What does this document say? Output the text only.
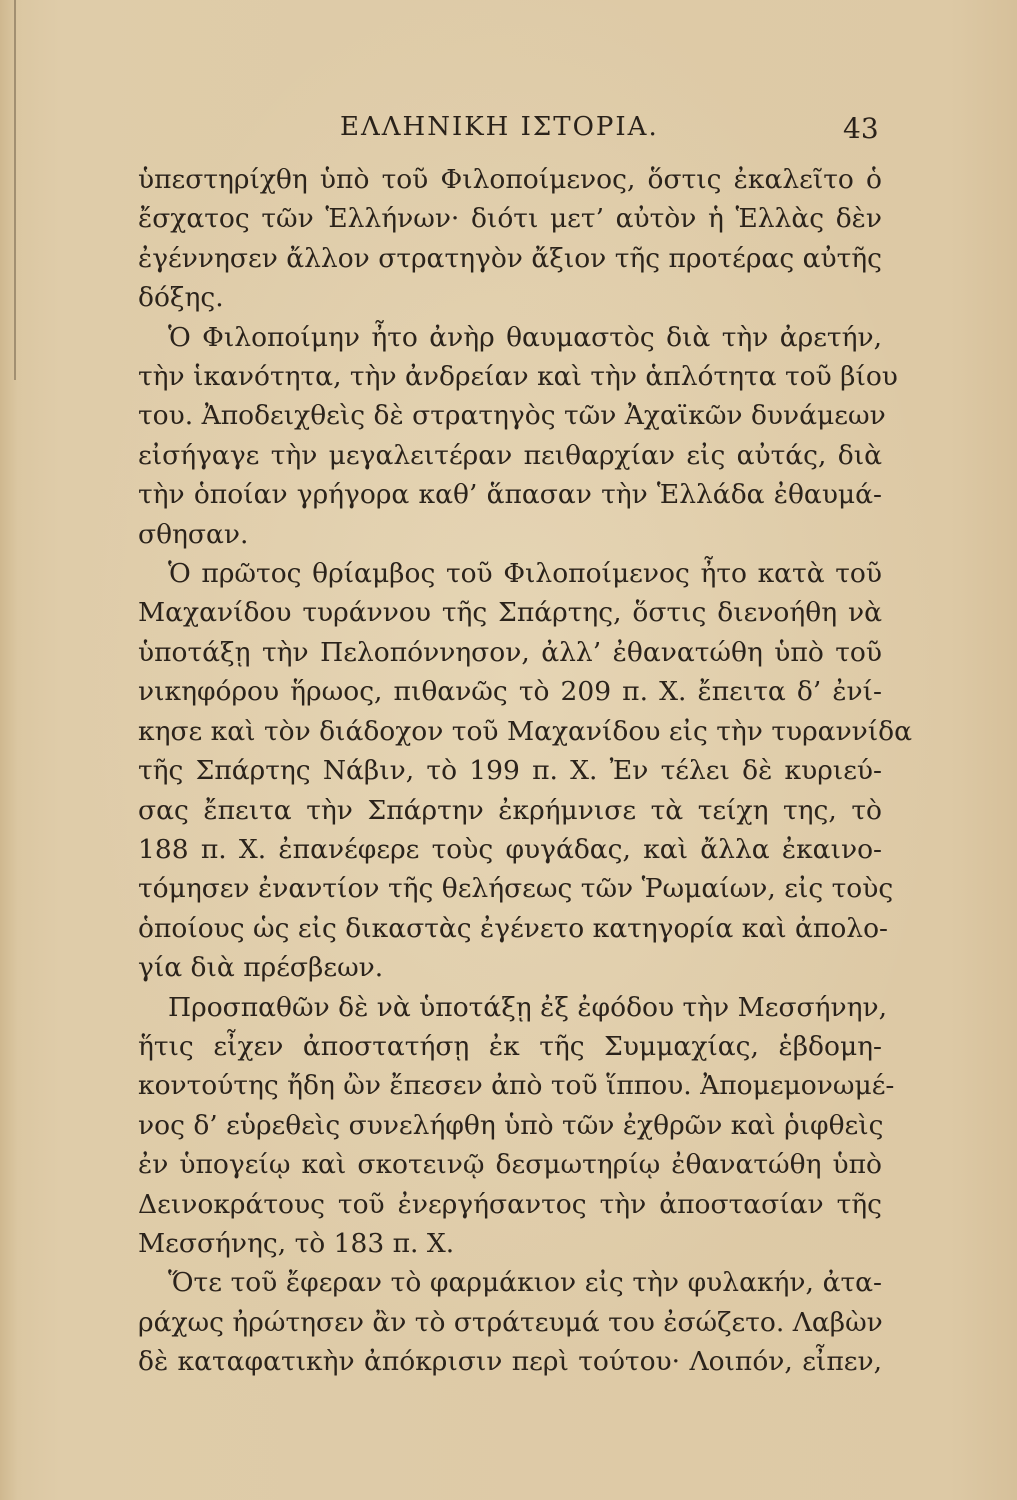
ΕΛΛΗΝΙΚΗ ΙΣΤΟΡΙΑ.	43
ὑπεστηρίχθη ὑπὸ τοῦ Φιλοποίμενος, ὅστις ἐκαλεῖτο ὁ
ἔσχατος τῶν Ἑλλήνων· διότι μετ’ αὐτὸν ἡ Ἑλλὰς δὲν
ἐγέννησεν ἄλλον στρατηγὸν ἄξιον τῆς προτέρας αὐτῆς
δόξης.
Ὁ Φιλοποίμην ἦτο ἀνὴρ θαυμαστὸς διὰ τὴν ἀρετήν,
τὴν ἱκανότητα, τὴν ἀνδρείαν καὶ τὴν ἁπλότητα τοῦ βίου
του. Ἀποδειχθεὶς δὲ στρατηγὸς τῶν Ἀχαϊκῶν δυνάμεων
εἰσήγαγε τὴν μεγαλειτέραν πειθαρχίαν εἰς αὐτάς, διὰ
τὴν ὁποίαν γρήγορα καθ’ ἅπασαν τὴν Ἑλλάδα ἐθαυμά-
σθησαν.
Ὁ πρῶτος θρίαμβος τοῦ Φιλοποίμενος ἦτο κατὰ τοῦ
Μαχανίδου τυράννου τῆς Σπάρτης, ὅστις διενοήθη νὰ
ὑποτάξῃ τὴν Πελοπόννησον, ἀλλ’ ἐθανατώθη ὑπὸ τοῦ
νικηφόρου ἥρωος, πιθανῶς τὸ 209 π. Χ. ἔπειτα δ’ ἐνί-
κησε καὶ τὸν διάδοχον τοῦ Μαχανίδου εἰς τὴν τυραννίδα
τῆς Σπάρτης Νάβιν, τὸ 199 π. Χ. Ἐν τέλει δὲ κυριεύ-
σας ἔπειτα τὴν Σπάρτην ἐκρήμνισε τὰ τείχη της, τὸ
188 π. Χ. ἐπανέφερε τοὺς φυγάδας, καὶ ἄλλα ἐκαινο-
τόμησεν ἐναντίον τῆς θελήσεως τῶν Ῥωμαίων, εἰς τοὺς
ὁποίους ὡς εἰς δικαστὰς ἐγένετο κατηγορία καὶ ἀπολο-
γία διὰ πρέσβεων.
Προσπαθῶν δὲ νὰ ὑποτάξῃ ἐξ ἐφόδου τὴν Μεσσήνην,
ἥτις εἶχεν ἀποστατήσῃ ἐκ τῆς Συμμαχίας, ἑβδομη-
κοντούτης ἤδη ὢν ἔπεσεν ἀπὸ τοῦ ἵππου. Ἀπομεμονωμέ-
νος δ’ εὑρεθεὶς συνελήφθη ὑπὸ τῶν ἐχθρῶν καὶ ῥιφθεὶς
ἐν ὑπογείῳ καὶ σκοτεινῷ δεσμωτηρίῳ ἐθανατώθη ὑπὸ
Δεινοκράτους τοῦ ἐνεργήσαντος τὴν ἀποστασίαν τῆς
Μεσσήνης, τὸ 183 π. Χ.
Ὅτε τοῦ ἔφεραν τὸ φαρμάκιον εἰς τὴν φυλακήν, ἀτα-
ράχως ἠρώτησεν ἂν τὸ στράτευμά του ἐσώζετο. Λαβὼν
δὲ καταφατικὴν ἀπόκρισιν περὶ τούτου· Λοιπόν, εἶπεν,
